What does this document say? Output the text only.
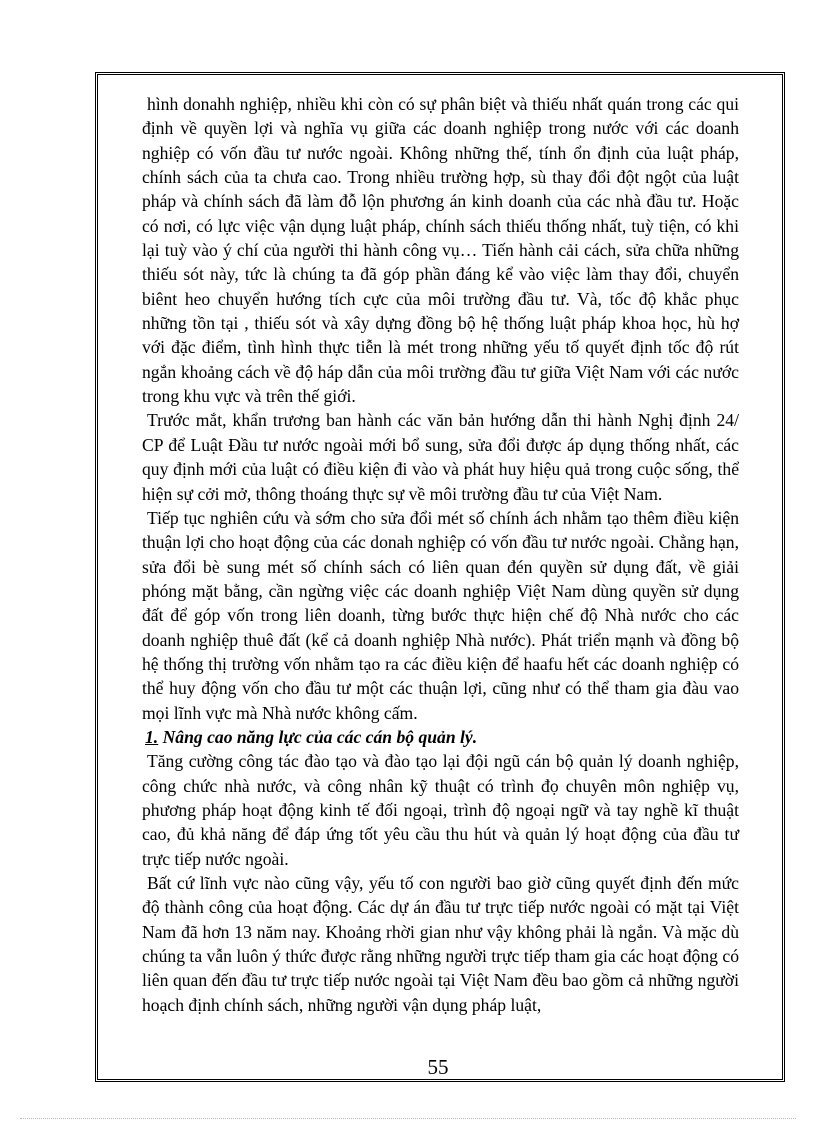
hình donahh nghiệp, nhiều khi còn có sự phân biệt và thiếu nhất quán trong các qui định về quyền lợi và nghĩa vụ giữa các doanh nghiệp trong nước với các doanh nghiệp có vốn đầu tư nước ngoài. Không những thế, tính ổn định của luật pháp, chính sách của ta chưa cao. Trong nhiều trường hợp, sù thay đổi đột ngột của luật pháp và chính sách đã làm đỗ lộn phương án kinh doanh của các nhà đầu tư. Hoặc có nơi, có lực việc vận dụng luật pháp, chính sách thiếu thống nhất, tuỳ tiện, có khi lại tuỳ vào ý chí của người thi hành công vụ… Tiến hành cải cách, sửa chữa những thiếu sót này, tức là chúng ta đã góp phần đáng kể vào việc làm thay đổi, chuyển biênt heo chuyển hướng tích cực của môi trường đầu tư. Và, tốc độ khắc phục những tồn tại , thiếu sót và xây dựng đồng bộ hệ thống luật pháp khoa học, hù hợ với đặc điểm, tình hình thực tiễn là mét trong những yếu tố quyết định tốc độ rút ngắn khoảng cách về độ háp dẫn của môi trường đầu tư giữa Việt Nam với các nước trong khu vực và trên thế giới.

Trước mắt, khẩn trương ban hành các văn bản hướng dẫn thi hành Nghị định 24/ CP để Luật Đầu tư nước ngoài mới bổ sung, sửa đổi được áp dụng thống nhất, các quy định mới của luật có điều kiện đi vào và phát huy hiệu quả trong cuộc sống, thể hiện sự cởi mở, thông thoáng thực sự về môi trường đầu tư của Việt Nam.

Tiếp tục nghiên cứu và sớm cho sửa đổi mét số chính ách nhằm tạo thêm điều kiện thuận lợi cho hoạt động của các donah nghiệp có vốn đầu tư nước ngoài. Chẳng hạn, sửa đổi bè sung mét số chính sách có liên quan đén quyền sử dụng đất, về giải phóng mặt bằng, cần ngừng việc các doanh nghiệp Việt Nam dùng quyền sử dụng đất để góp vốn trong liên doanh, từng bước thực hiện chế độ Nhà nước cho các doanh nghiệp thuê đất (kể cả doanh nghiệp Nhà nước). Phát triển mạnh và đồng bộ hệ thống thị trường vốn nhằm tạo ra các điều kiện để haafu hết các doanh nghiệp có thể huy động vốn cho đầu tư một các thuận lợi, cũng như có thể tham gia đàu vao mọi lĩnh vực mà Nhà nước không cấm.

1. Nâng cao năng lực của các cán bộ quản lý.

Tăng cường công tác đào tạo và đào tạo lại đội ngũ cán bộ quản lý doanh nghiệp, công chức nhà nước, và công nhân kỹ thuật có trình đọ chuyên môn nghiệp vụ, phương pháp hoạt động kinh tế đối ngoại, trình độ ngoại ngữ và tay nghề kĩ thuật cao, đủ khả năng để đáp ứng tốt yêu cầu thu hút và quản lý hoạt động của đầu tư trực tiếp nước ngoài.

Bất cứ lĩnh vực nào cũng vậy, yếu tố con người bao giờ cũng quyết định đến mức độ thành công của hoạt động. Các dự án đầu tư trực tiếp nước ngoài có mặt tại Việt Nam đã hơn 13 năm nay. Khoảng rhời gian như vậy không phải là ngắn. Và mặc dù chúng ta vẫn luôn ý thức được rằng những người trực tiếp tham gia các hoạt động có liên quan đến đầu tư trực tiếp nước ngoài tại Việt Nam đều bao gồm cả những người hoạch định chính sách, những người vận dụng pháp luật,

55
